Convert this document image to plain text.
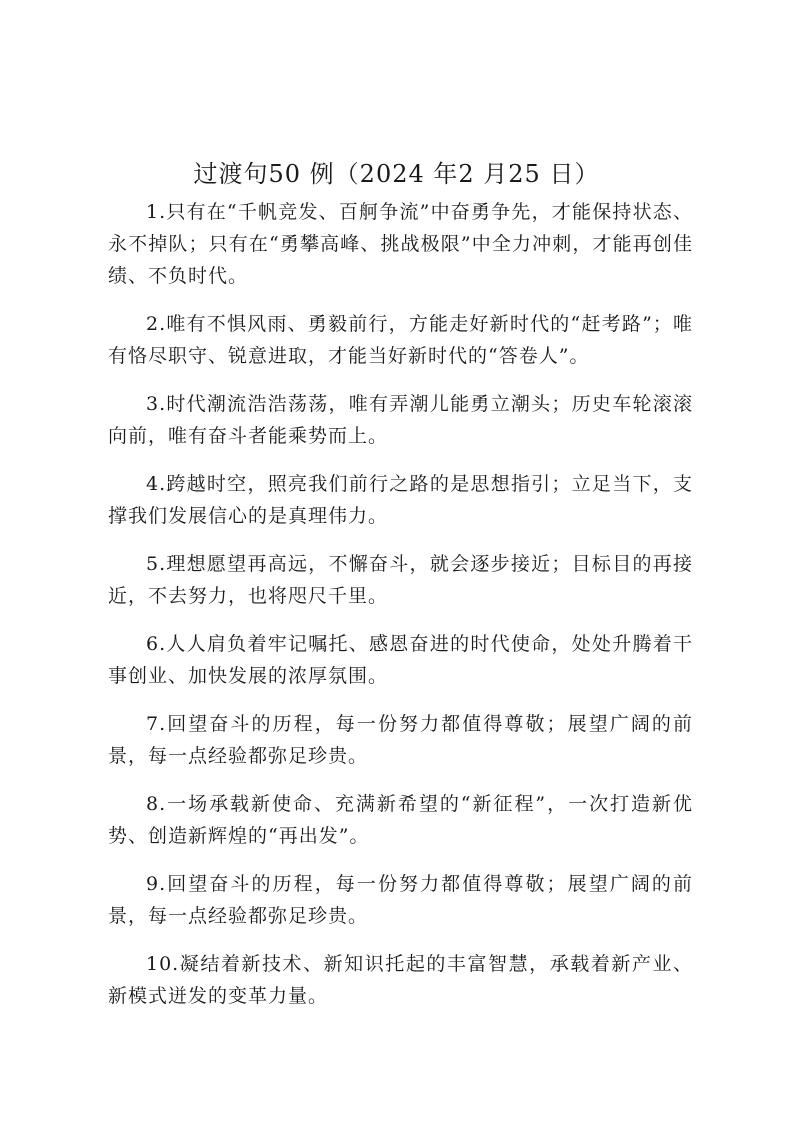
过渡句50 例（2024 年2 月25 日）

1.只有在“千帆竞发、百舸争流”中奋勇争先，才能保持状态、永不掉队；只有在“勇攀高峰、挑战极限”中全力冲刺，才能再创佳绩、不负时代。

2.唯有不惧风雨、勇毅前行，方能走好新时代的“赶考路”；唯有恪尽职守、锐意进取，才能当好新时代的“答卷人”。

3.时代潮流浩浩荡荡，唯有弄潮儿能勇立潮头；历史车轮滚滚向前，唯有奋斗者能乘势而上。

4.跨越时空，照亮我们前行之路的是思想指引；立足当下，支撑我们发展信心的是真理伟力。

5.理想愿望再高远，不懈奋斗，就会逐步接近；目标目的再接近，不去努力，也将咫尺千里。

6.人人肩负着牢记嘱托、感恩奋进的时代使命，处处升腾着干事创业、加快发展的浓厚氛围。

7.回望奋斗的历程，每一份努力都值得尊敬；展望广阔的前景，每一点经验都弥足珍贵。

8.一场承载新使命、充满新希望的“新征程”，一次打造新优势、创造新辉煌的“再出发”。

9.回望奋斗的历程，每一份努力都值得尊敬；展望广阔的前景，每一点经验都弥足珍贵。

10.凝结着新技术、新知识托起的丰富智慧，承载着新产业、新模式迸发的变革力量。
